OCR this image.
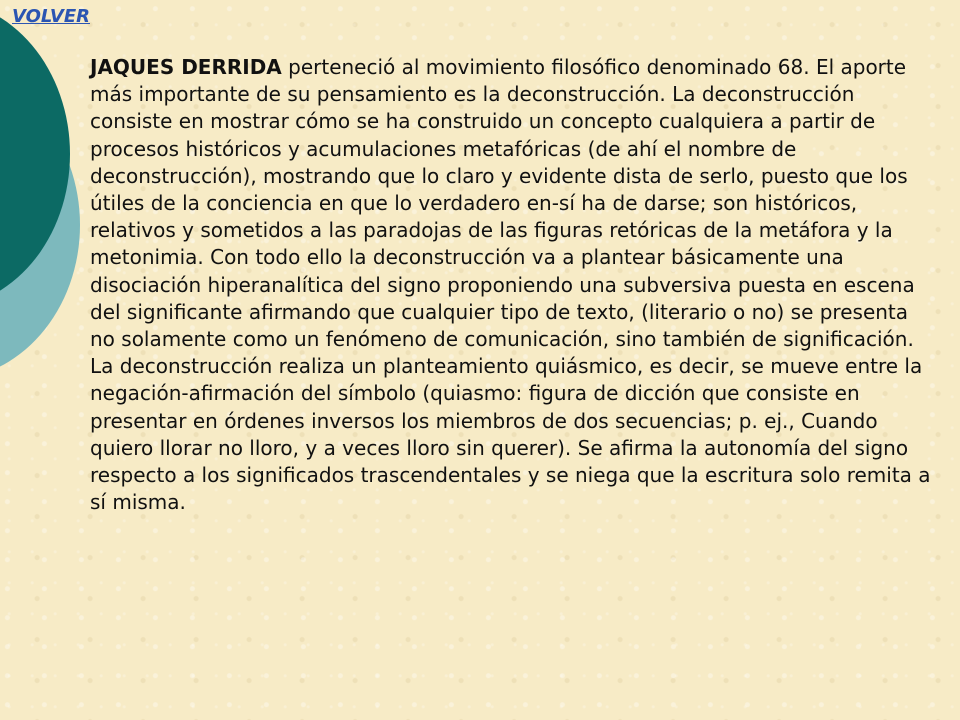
VOLVER

JAQUES DERRIDA perteneció al movimiento filosófico denominado 68. El aporte más importante de su pensamiento es la deconstrucción. La deconstrucción consiste en mostrar cómo se ha construido un concepto cualquiera a partir de procesos históricos y acumulaciones metafóricas (de ahí el nombre de deconstrucción), mostrando que lo claro y evidente dista de serlo, puesto que los útiles de la conciencia en que lo verdadero en-sí ha de darse; son históricos, relativos y sometidos a las paradojas de las figuras retóricas de la metáfora y la metonimia. Con todo ello la deconstrucción va a plantear básicamente una disociación hiperanalítica del signo proponiendo una subversiva puesta en escena del significante afirmando que cualquier tipo de texto, (literario o no) se presenta no solamente como un fenómeno de comunicación, sino también de significación. La deconstrucción realiza un planteamiento quiásmico, es decir, se mueve entre la negación-afirmación del símbolo (quiasmo: figura de dicción que consiste en presentar en órdenes inversos los miembros de dos secuencias; p. ej., Cuando quiero llorar no lloro, y a veces lloro sin querer). Se afirma la autonomía del signo respecto a los significados trascendentales y se niega que la escritura solo remita a sí misma.
